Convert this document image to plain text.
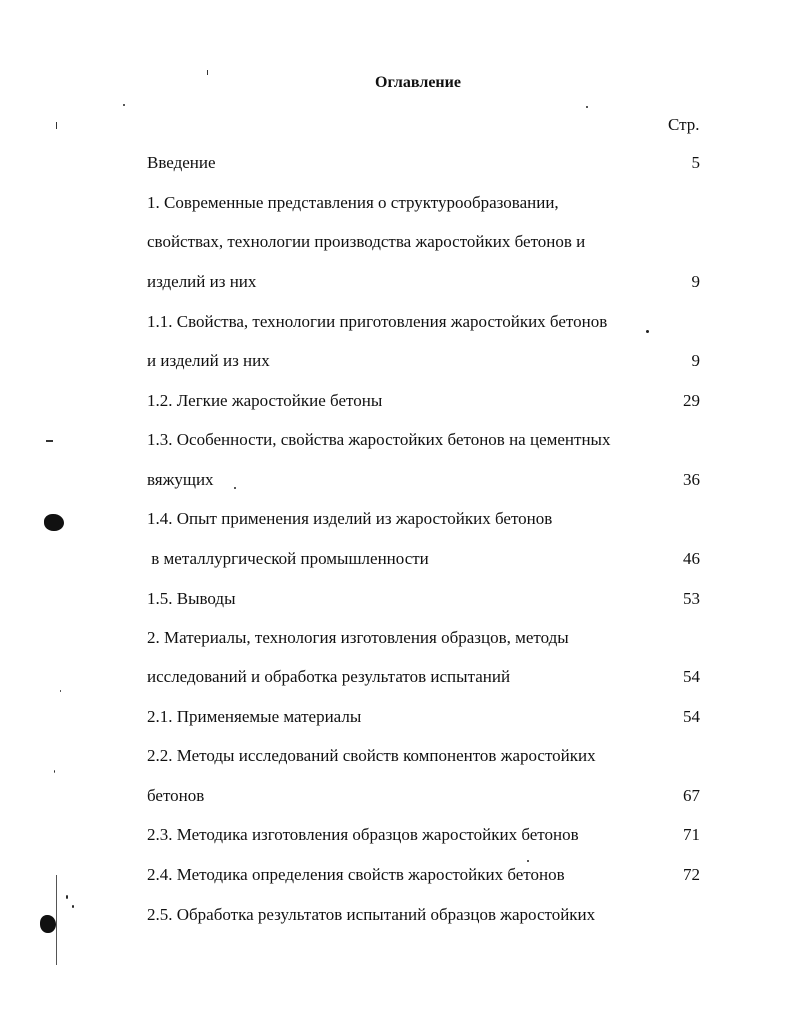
Оглавление
Стр.
Введение	5
1. Современные представления о структурообразовании,
свойствах, технологии производства жаростойких бетонов и
изделий из них	9
1.1. Свойства, технологии приготовления жаростойких бетонов
и изделий из них	9
1.2. Легкие жаростойкие бетоны	29
1.3. Особенности, свойства жаростойких бетонов на цементных
вяжущих	36
1.4. Опыт применения изделий из жаростойких бетонов
в металлургической промышленности	46
1.5. Выводы	53
2. Материалы, технология изготовления образцов, методы
исследований и обработка результатов испытаний	54
2.1. Применяемые материалы	54
2.2. Методы исследований свойств компонентов жаростойких
бетонов	67
2.3. Методика изготовления образцов жаростойких бетонов	71
2.4. Методика определения свойств жаростойких бетонов	72
2.5. Обработка результатов испытаний образцов жаростойких
